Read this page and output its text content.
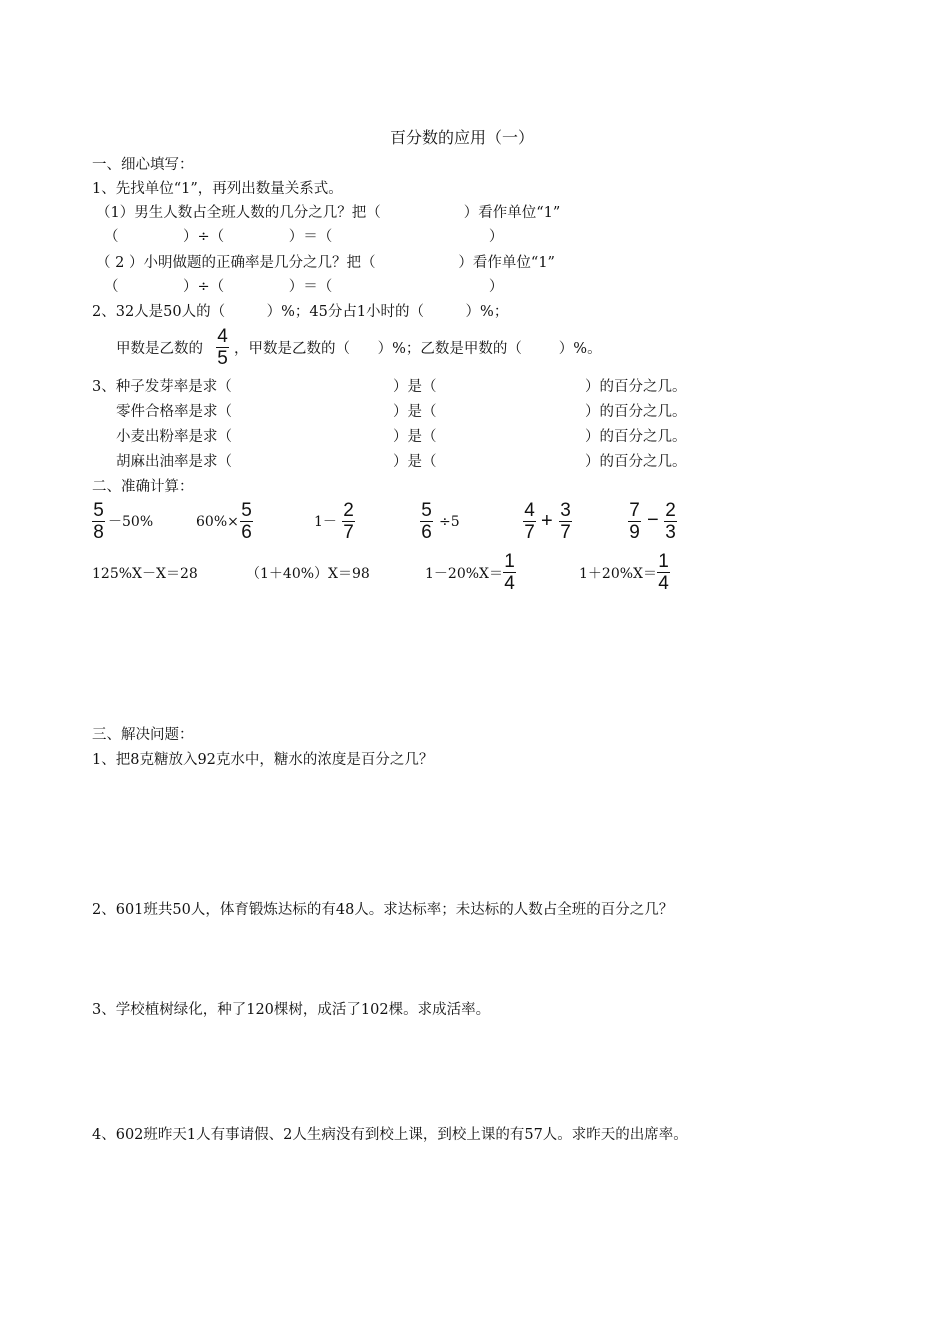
百分数的应用（一）
一、细心填写：
1、先找单位“1”，再列出数量关系式。
（1）男生人数占全班人数的几分之几？把（                  ）看作单位“1”
（              ）÷（              ）＝（                                  ）
（ 2 ）小明做题的正确率是几分之几？把（                  ）看作单位“1”
（              ）÷（              ）＝（                                  ）
2、32人是50人的（         ）%；45分占1小时的（         ）%；
甲数是乙数的
4
5 ，甲数是乙数的（      ）%；乙数是甲数的（        ）%。
3、种子发芽率是求（	）是（	）的百分之几。
零件合格率是求（	）是（	）的百分之几。
小麦出粉率是求（	）是（	）的百分之几。
胡麻出油率是求（	）是（	）的百分之几。
二、准确计算：
5
8 －50%	60%×
5
6	1－
2
7
5
6 ÷5
4
7
+ 3
7
7
9
− 2
3
125%X－X＝28	（1＋40%）X＝98	1－20%X＝
1
4	1＋20%X＝
1
4
三、解决问题：
1、把8克糖放入92克水中，糖水的浓度是百分之几？
2、601班共50人，体育锻炼达标的有48人。求达标率；未达标的人数占全班的百分之几？
3、学校植树绿化，种了120棵树，成活了102棵。求成活率。
4、602班昨天1人有事请假、2人生病没有到校上课，到校上课的有57人。求昨天的出席率。
